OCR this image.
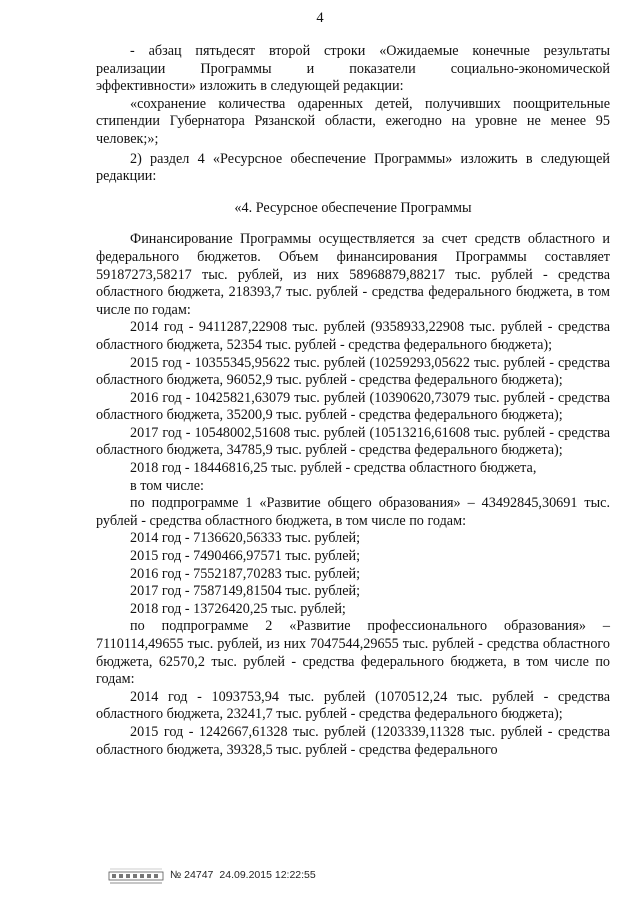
4

- абзац пятьдесят второй строки «Ожидаемые конечные результаты

реализации Программы и показатели социально-экономической

эффективности» изложить в следующей редакции:

«сохранение количества одаренных детей, получивших поощрительные стипендии Губернатора Рязанской области, ежегодно на уровне не менее 95 человек;»;

2) раздел 4 «Ресурсное обеспечение Программы» изложить в следующей редакции:

«4. Ресурсное обеспечение Программы

Финансирование Программы осуществляется за счет средств областного и федерального бюджетов. Объем финансирования Программы составляет 59187273,58217 тыс. рублей, из них 58968879,88217 тыс. рублей - средства областного бюджета, 218393,7 тыс. рублей - средства федерального бюджета, в том числе по годам:

2014 год - 9411287,22908 тыс. рублей (9358933,22908 тыс. рублей - средства областного бюджета, 52354 тыс. рублей - средства федерального бюджета);

2015 год - 10355345,95622 тыс. рублей (10259293,05622 тыс. рублей - средства областного бюджета, 96052,9 тыс. рублей - средства федерального бюджета);

2016 год - 10425821,63079 тыс. рублей (10390620,73079 тыс. рублей - средства областного бюджета, 35200,9 тыс. рублей - средства федерального бюджета);

2017 год - 10548002,51608 тыс. рублей (10513216,61608 тыс. рублей - средства областного бюджета, 34785,9 тыс. рублей - средства федерального бюджета);

2018 год - 18446816,25 тыс. рублей - средства областного бюджета,

в том числе:

по подпрограмме 1 «Развитие общего образования» – 43492845,30691 тыс. рублей - средства областного бюджета, в том числе по годам:

2014 год - 7136620,56333 тыс. рублей;

2015 год - 7490466,97571 тыс. рублей;

2016 год - 7552187,70283 тыс. рублей;

2017 год - 7587149,81504 тыс. рублей;

2018 год - 13726420,25 тыс. рублей;

по подпрограмме 2 «Развитие профессионального образования» – 7110114,49655 тыс. рублей, из них 7047544,29655 тыс. рублей - средства областного бюджета, 62570,2 тыс. рублей - средства федерального бюджета, в том числе по годам:

2014 год - 1093753,94 тыс. рублей (1070512,24 тыс. рублей - средства областного бюджета, 23241,7 тыс. рублей - средства федерального бюджета);

2015 год - 1242667,61328 тыс. рублей (1203339,11328 тыс. рублей - средства областного бюджета, 39328,5 тыс. рублей - средства федерального

№ 24747 24.09.2015 12:22:55
